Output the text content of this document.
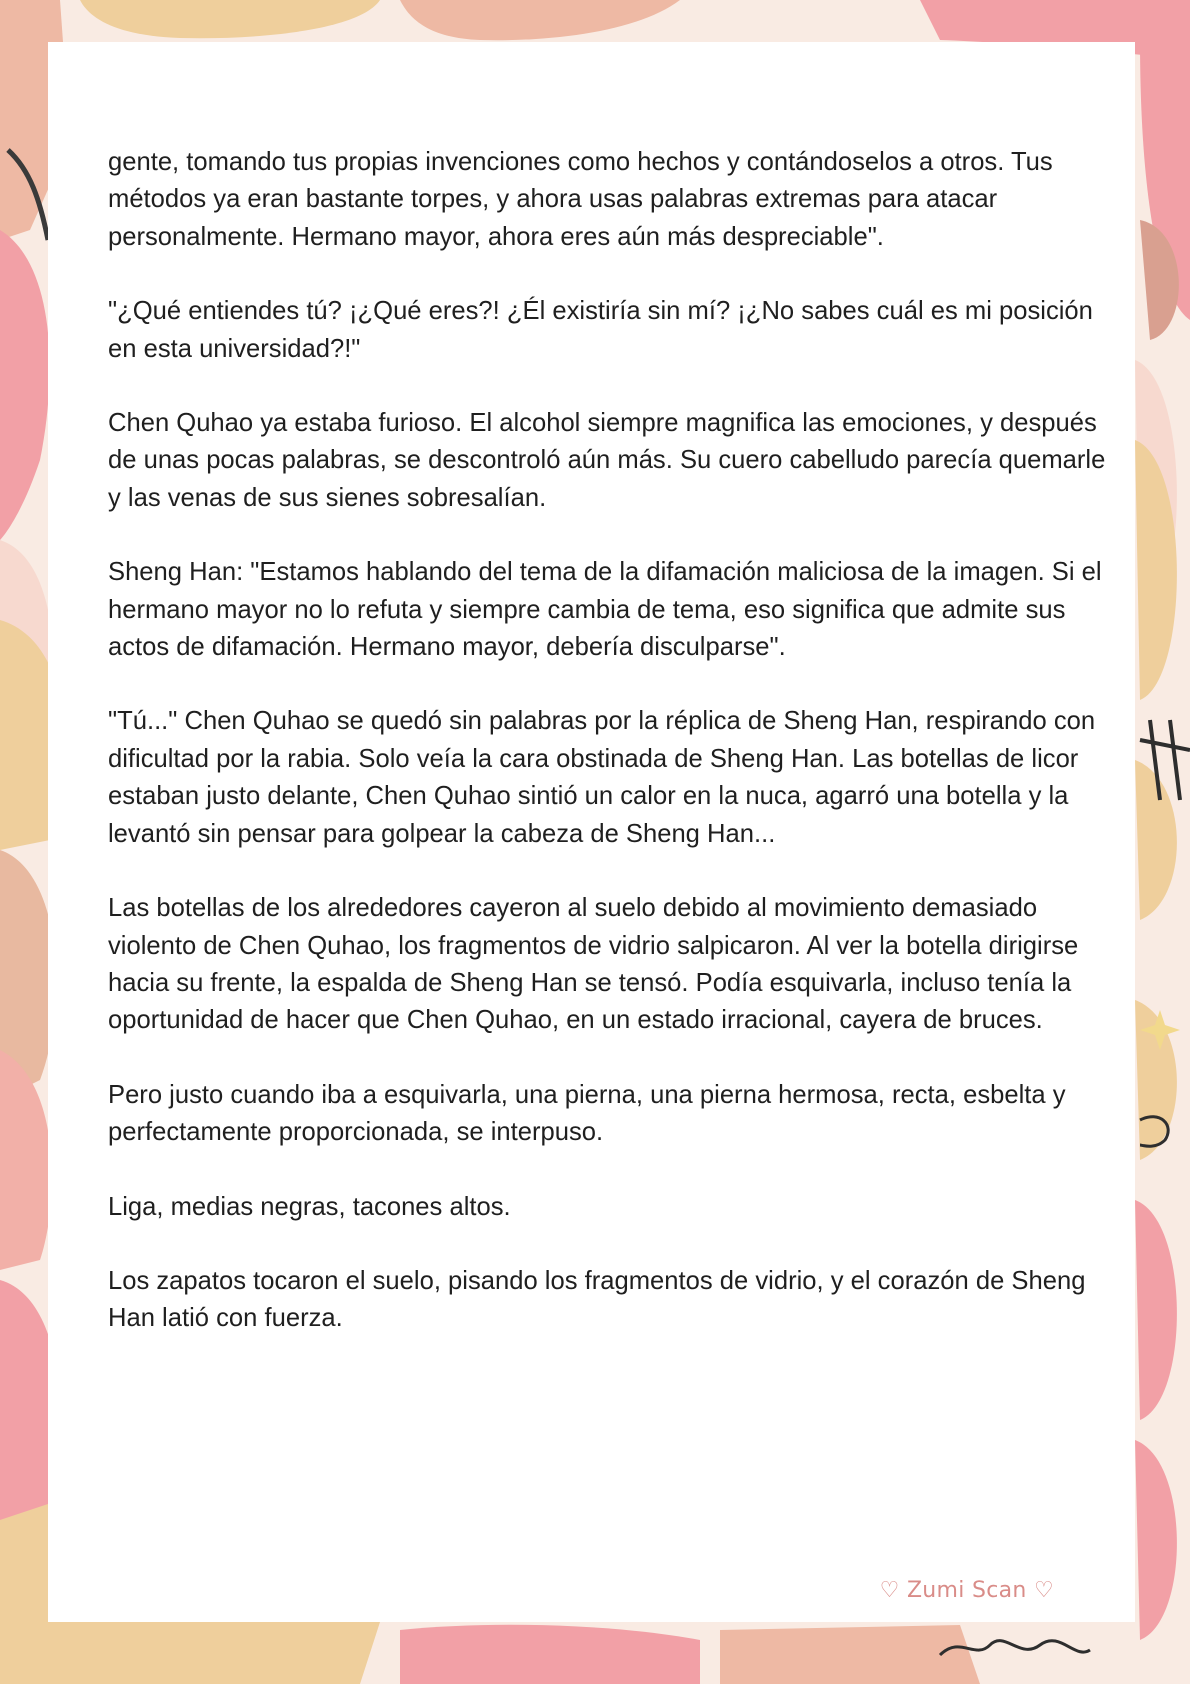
gente, tomando tus propias invenciones como hechos y contándoselos a otros. Tus métodos ya eran bastante torpes, y ahora usas palabras extremas para atacar personalmente. Hermano mayor, ahora eres aún más despreciable".

"¿Qué entiendes tú? ¡¿Qué eres?! ¿Él existiría sin mí? ¡¿No sabes cuál es mi posición en esta universidad?!"

Chen Quhao ya estaba furioso. El alcohol siempre magnifica las emociones, y después de unas pocas palabras, se descontroló aún más. Su cuero cabelludo parecía quemarle y las venas de sus sienes sobresalían.

Sheng Han: "Estamos hablando del tema de la difamación maliciosa de la imagen. Si el hermano mayor no lo refuta y siempre cambia de tema, eso significa que admite sus actos de difamación. Hermano mayor, debería disculparse".

"Tú..." Chen Quhao se quedó sin palabras por la réplica de Sheng Han, respirando con dificultad por la rabia. Solo veía la cara obstinada de Sheng Han. Las botellas de licor estaban justo delante, Chen Quhao sintió un calor en la nuca, agarró una botella y la levantó sin pensar para golpear la cabeza de Sheng Han...

Las botellas de los alrededores cayeron al suelo debido al movimiento demasiado violento de Chen Quhao, los fragmentos de vidrio salpicaron. Al ver la botella dirigirse hacia su frente, la espalda de Sheng Han se tensó. Podía esquivarla, incluso tenía la oportunidad de hacer que Chen Quhao, en un estado irracional, cayera de bruces.

Pero justo cuando iba a esquivarla, una pierna, una pierna hermosa, recta, esbelta y perfectamente proporcionada, se interpuso.

Liga, medias negras, tacones altos.

Los zapatos tocaron el suelo, pisando los fragmentos de vidrio, y el corazón de Sheng Han latió con fuerza.

♡ Zumi Scan ♡
